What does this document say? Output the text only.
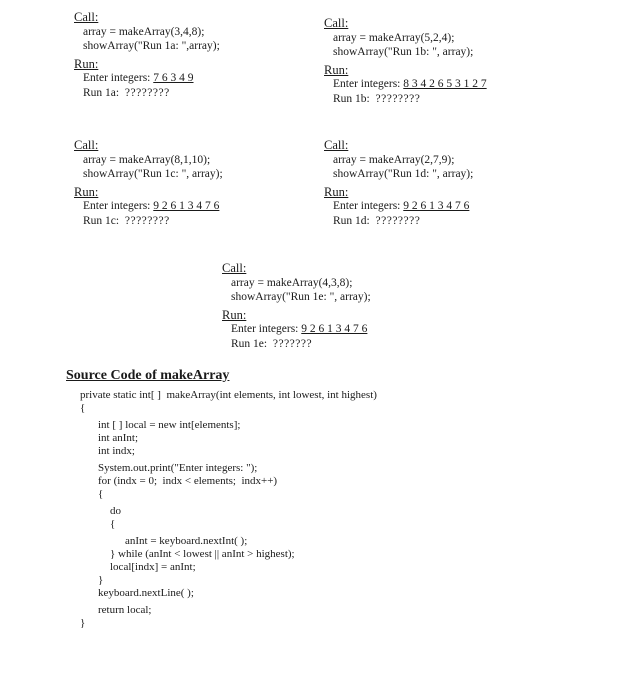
Call:
array = makeArray(3,4,8);
showArray("Run 1a: ",array);
Run:
Enter integers: 7 6 3 4 9
Run 1a: ????????
Call:
array = makeArray(5,2,4);
showArray("Run 1b: ", array);
Run:
Enter integers: 8 3 4 2 6 5 3 1 2 7
Run 1b: ????????
Call:
array = makeArray(8,1,10);
showArray("Run 1c: ", array);
Run:
Enter integers: 9 2 6 1 3 4 7 6
Run 1c: ????????
Call:
array = makeArray(2,7,9);
showArray("Run 1d: ", array);
Run:
Enter integers: 9 2 6 1 3 4 7 6
Run 1d: ????????
Call:
array = makeArray(4,3,8);
showArray("Run 1e: ", array);
Run:
Enter integers: 9 2 6 1 3 4 7 6
Run 1e: ???????
Source Code of makeArray
private static int[ ]  makeArray(int elements, int lowest, int highest)
{
int [ ] local = new int[elements];
int anInt;
int indx;
System.out.print("Enter integers: ");
for (indx = 0;  indx < elements;  indx++)
{
do
{
anInt = keyboard.nextInt( );
} while (anInt < lowest || anInt > highest);
local[indx] = anInt;
}
keyboard.nextLine( );
return local;
}
